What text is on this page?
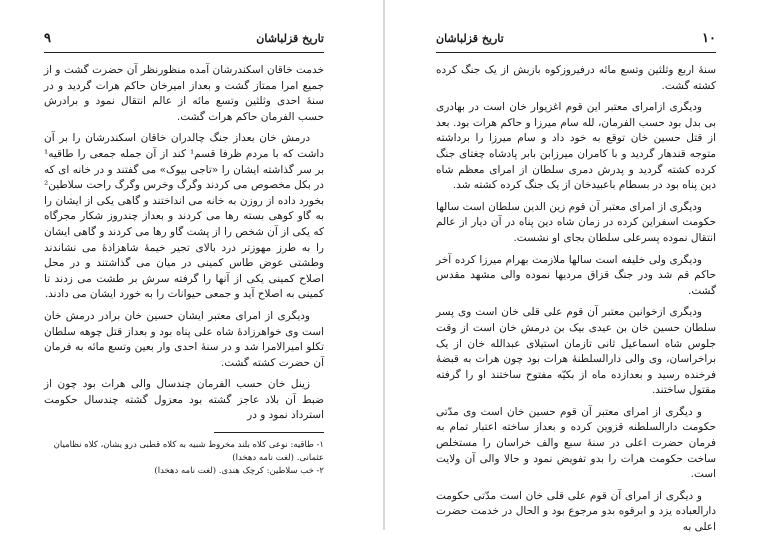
تاریخ قزلباشان
۹

خدمت خاقان اسکندرشان آمده منظورنظر آن حضرت گشت و از جمیع امرا ممتاز گشت و بعداز امیرخان حاکم هرات گردید و در سنهٔ احدی وثلثین وتسع مائه از عالم انتقال نمود و برادرش حسب الفرمان حاکم هرات گشت.

درمش خان بعداز جنگ چالدران خاقان اسکندرشان را بر آن داشت که با مردم ظرفا قسم¹ کند از آن جمله جمعی را طاقیه¹ بر سر گذاشته ایشان را «تاجی بیوک» می گفتند و در خانه ای که در بکل مخصوص می کردند وگرگ وخرس وگرگ راحت سلاطین² بخورد داده از روزن به خانه می انداختند و گاهی یکی از ایشان را به گاو کوهی بسته رها می کردند و بعداز چندروز شکار مجرگاه که یکی از آن شخص را از پشت گاو رها می کردند و گاهی ایشان را به طرز مهوزتر درد بالای تجیر خیمهٔ شاهزادهٔ می نشاندند وطشتی عوض طاس کمینی در میان می گذاشتند و در محل اصلاح کمینی یکی از آنها را گرفته سرش بر طشت می زدند تا کمینی به اصلاح آید و جمعی حیوانات را به خورد ایشان می دادند.

ودیگری از امرای معتبر ایشان حسین خان برادر درمش خان است وی خواهرزادهٔ شاه علی پناه بود و بعداز قتل چوهه سلطان تکلو امیرالامرا شد و در سنهٔ احدی وار بعین وتسع مائه به فرمان آن حضرت کشته گشت.

زینل خان حسب الفرمان چندسال والی هرات بود چون از ضبط آن بلاد عاجز گشته بود معزول گشته چندسال حکومت استرداد نمود و در

۱- طاقیه: نوعی کلاه بلند مخروط شبیه به کلاه قطبی درو یشان، کلاه نظامیان عثمانی. (لغت نامه دهخدا)

۲- خب سلاطین: کرچک هندی. (لغت نامه دهخدا)

تاریخ قزلباشان	۱۰

سنهٔ اربع وثلثین وتسع مائه درفیروزکوه بازبش از یک جنگ کرده کشته گشت.

ودیگری ازامرای معتبر این قوم اغزیوار خان است در بهادری بی بدل بود حسب الفرمان، لله سام میرزا و حاکم هرات بود. بعد از قتل حسین خان توقع به خود داد و سام میرزا را برداشته متوجه قندهار گردید و با کامران میرزابن بابر پادشاه چغتای جنگ کرده کشته گردید و پدرش دمری سلطان از امرای معظم شاه دین پناه بود در بسطام باعبیدخان از یک جنگ کرده کشته شد.

ودیگری از امرای معتبر آن قوم زین الدین سلطان است سالها حکومت اسفراین کرده در زمان شاه دین پناه در آن دیار از عالم انتقال نموده پسرعلی سلطان بجای او نشست.

ودیگری ولی خلیفه است سالها ملازمت بهرام میرزا کرده آخر حاکم قم شد ودر جنگ قزاق مردیها نموده والی مشهد مقدس گشت.

ودیگری ازخوانین معتبر آن قوم علی قلی خان است وی پسر سلطان حسین خان بن عیدی بیک بن درمش خان است از وقت جلوس شاه اسماعیل ثانی تازمان استیلای عبدالله خان از یک براخراسان، وی والی دارالسلطنهٔ هرات بود چون هرات به قبضهٔ فرخنده رسید و بعدازده ماه از بکیّه مفتوح ساختند او را گرفته مقتول ساختند.

و دیگری از امرای معتبر آن قوم حسین خان است وی مدّتی حکومت دارالسلطنه قزوین کرده و بعداز ساخته اعتبار تمام به فرمان حضرت اعلی در سنهٔ سبع والف خراسان را مستخلص ساخت حکومت هرات را بدو تفویض نمود و حالا والی آن ولایت است.

و دیگری از امرای آن قوم علی قلی خان است مدّتی حکومت دارالعباده یزد و ابرقوه بدو مرجوع بود و الحال در خدمت حضرت اعلی به
